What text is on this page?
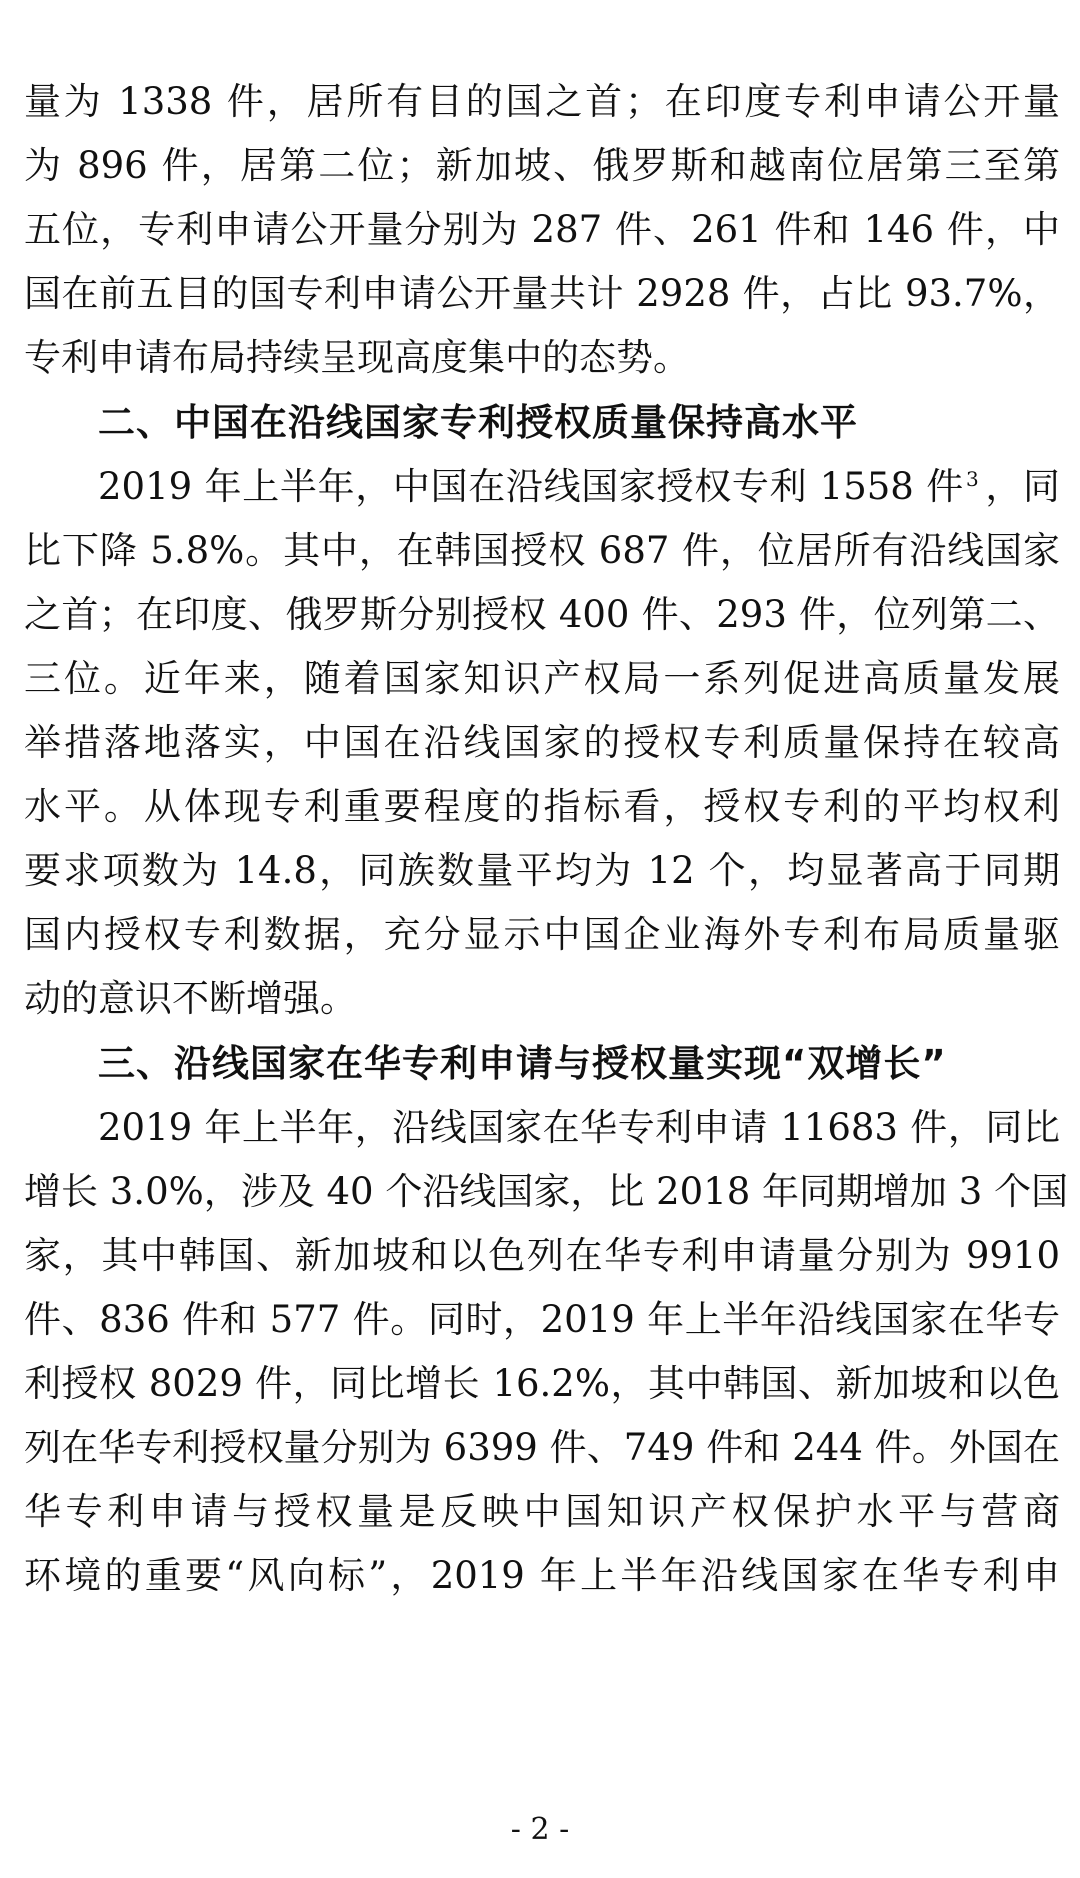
量为 1338 件，居所有目的国之首；在印度专利申请公开量
为 896 件，居第二位；新加坡、俄罗斯和越南位居第三至第
五位，专利申请公开量分别为 287 件、261 件和 146 件，中
国在前五目的国专利申请公开量共计 2928 件，占比 93.7%，
专利申请布局持续呈现高度集中的态势。
二、中国在沿线国家专利授权质量保持高水平
2019 年上半年，中国在沿线国家授权专利 1558 件 $^3$ ，同
比下降 5.8%。其中，在韩国授权 687 件，位居所有沿线国家
之首；在印度、俄罗斯分别授权 400 件、293 件，位列第二、
三位。近年来，随着国家知识产权局一系列促进高质量发展
举措落地落实，中国在沿线国家的授权专利质量保持在较高
水平。从体现专利重要程度的指标看，授权专利的平均权利
要求项数为 14.8，同族数量平均为 12 个，均显著高于同期
国内授权专利数据，充分显示中国企业海外专利布局质量驱
动的意识不断增强。
三、沿线国家在华专利申请与授权量实现“双增长”
2019 年上半年，沿线国家在华专利申请 11683 件，同比
增长 3.0%，涉及 40 个沿线国家，比 2018 年同期增加 3 个国
家，其中韩国、新加坡和以色列在华专利申请量分别为 9910
件、836 件和 577 件。同时，2019 年上半年沿线国家在华专
利授权 8029 件，同比增长 16.2%，其中韩国、新加坡和以色
列在华专利授权量分别为 6399 件、749 件和 244 件。外国在
华专利申请与授权量是反映中国知识产权保护水平与营商
环境的重要“风向标”，2019 年上半年沿线国家在华专利申
- 2 -
